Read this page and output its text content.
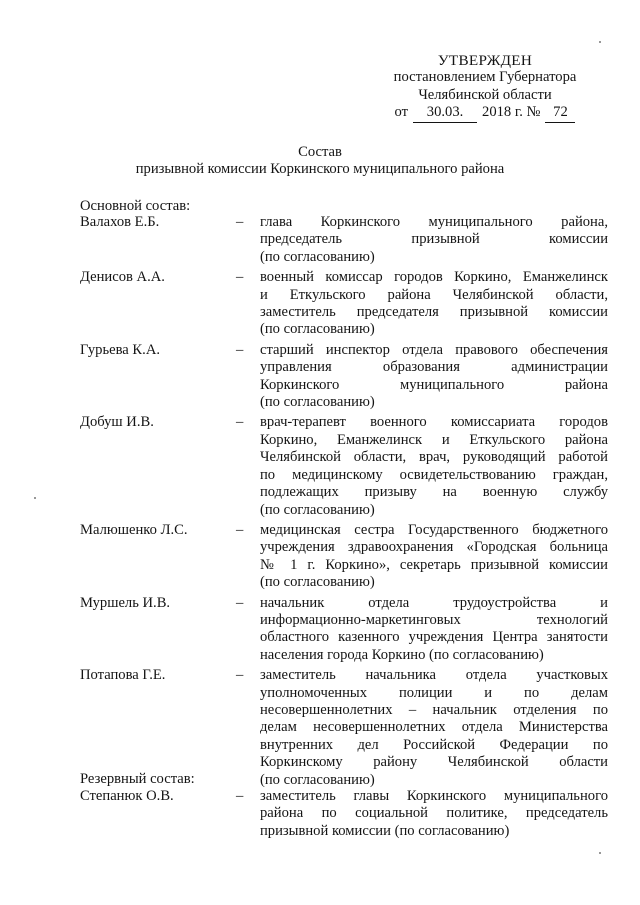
УТВЕРЖДЕН
постановлением Губернатора
Челябинской области
от	30.03.	2018 г. № 72
Состав
призывной комиссии Коркинского муниципального района
Основной состав:
Валахов Е.Б.	– глава Коркинского муниципального района,
председатель призывной комиссии
(по согласованию)
Денисов А.А.	– военный комиссар городов Коркино, Еманжелинск
и Еткульского района Челябинской области,
заместитель председателя призывной комиссии
(по согласованию)
Гурьева К.А.	– старший инспектор отдела правового обеспечения
управления образования администрации
Коркинского муниципального района
(по согласованию)
Добуш И.В.	– врач-терапевт военного комиссариата городов
Коркино, Еманжелинск и Еткульского района
Челябинской области, врач, руководящий работой
по медицинскому освидетельствованию граждан,
подлежащих призыву на военную службу
(по согласованию)
Малюшенко Л.С.	– медицинская сестра Государственного бюджетного
учреждения здравоохранения «Городская больница
№ 1 г. Коркино», секретарь призывной комиссии
(по согласованию)
Муршель И.В.	– начальник отдела трудоустройства и
информационно-маркетинговых технологий
областного казенного учреждения Центра занятости
населения города Коркино (по согласованию)
Потапова Г.Е.	– заместитель начальника отдела участковых
уполномоченных полиции и по делам
несовершеннолетних – начальник отделения по
делам несовершеннолетних отдела Министерства
внутренних дел Российской Федерации по
Коркинскому району Челябинской области
(по согласованию)
Резервный состав:
Степанюк О.В.	– заместитель главы Коркинского муниципального
района по социальной политике, председатель
призывной комиссии (по согласованию)
